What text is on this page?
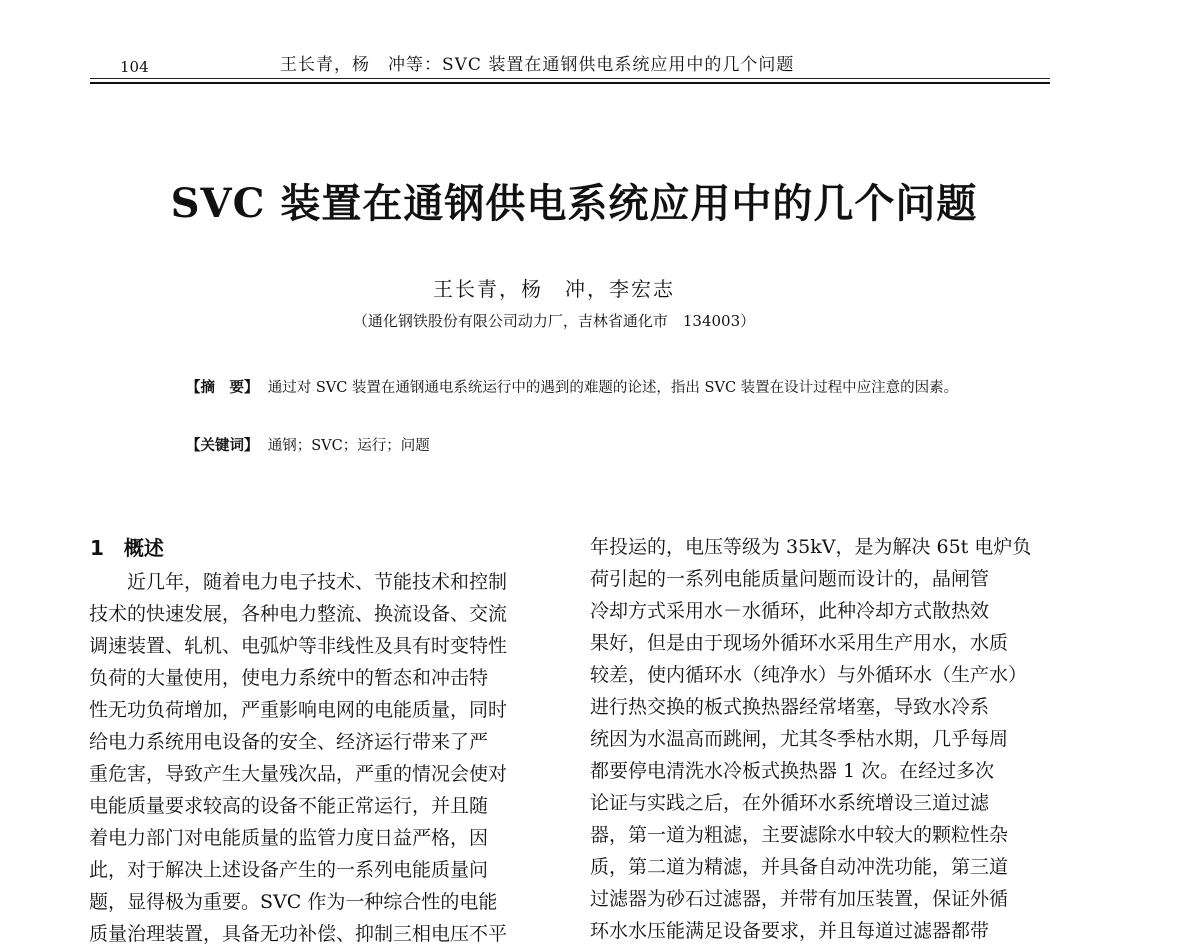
104	王长青，杨　冲等：SVC 装置在通钢供电系统应用中的几个问题
SVC 装置在通钢供电系统应用中的几个问题
王长青，杨　冲，李宏志
（通化钢铁股份有限公司动力厂，吉林省通化市　134003）
【摘　要】 通过对 SVC 装置在通钢通电系统运行中的遇到的难题的论述，指出 SVC 装置在设计过程中应注意的因素。
【关键词】 通钢；SVC；运行；问题
1　概述
近几年，随着电力电子技术、节能技术和控制
技术的快速发展，各种电力整流、换流设备、交流
调速装置、轧机、电弧炉等非线性及具有时变特性
负荷的大量使用，使电力系统中的暂态和冲击特
性无功负荷增加，严重影响电网的电能质量，同时
给电力系统用电设备的安全、经济运行带来了严
重危害，导致产生大量残次品，严重的情况会使对
电能质量要求较高的设备不能正常运行，并且随
着电力部门对电能质量的监管力度日益严格，因
此，对于解决上述设备产生的一系列电能质量问
题，显得极为重要。SVC 作为一种综合性的电能
质量治理装置，具备无功补偿、抑制三相电压不平
年投运的，电压等级为 35kV，是为解决 65t 电炉负
荷引起的一系列电能质量问题而设计的，晶闸管
冷却方式采用水－水循环，此种冷却方式散热效
果好，但是由于现场外循环水采用生产用水，水质
较差，使内循环水（纯净水）与外循环水（生产水）
进行热交换的板式换热器经常堵塞，导致水冷系
统因为水温高而跳闸，尤其冬季枯水期，几乎每周
都要停电清洗水冷板式换热器 1 次。在经过多次
论证与实践之后，在外循环水系统增设三道过滤
器，第一道为粗滤，主要滤除水中较大的颗粒性杂
质，第二道为精滤，并具备自动冲洗功能，第三道
过滤器为砂石过滤器，并带有加压装置，保证外循
环水水压能满足设备要求，并且每道过滤器都带
